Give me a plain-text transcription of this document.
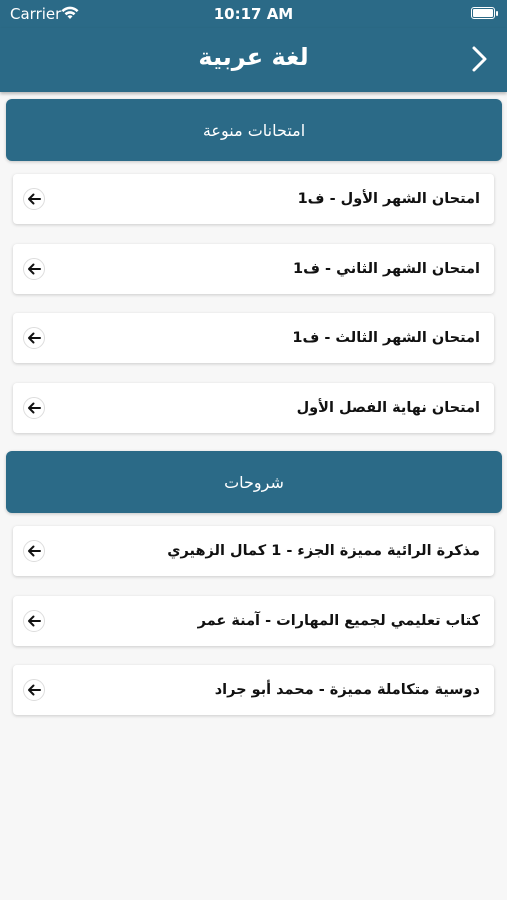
Carrier	10:17 AM
لغة عربية
امتحانات منوعة
امتحان الشهر الأول - ف1
امتحان الشهر الثاني - ف1
امتحان الشهر الثالث - ف1
امتحان نهاية الفصل الأول
شروحات
مذكرة الرائية مميزة الجزء - 1 كمال الزهيري
كتاب تعليمي لجميع المهارات - آمنة عمر
دوسية متكاملة مميزة - محمد أبو جراد
